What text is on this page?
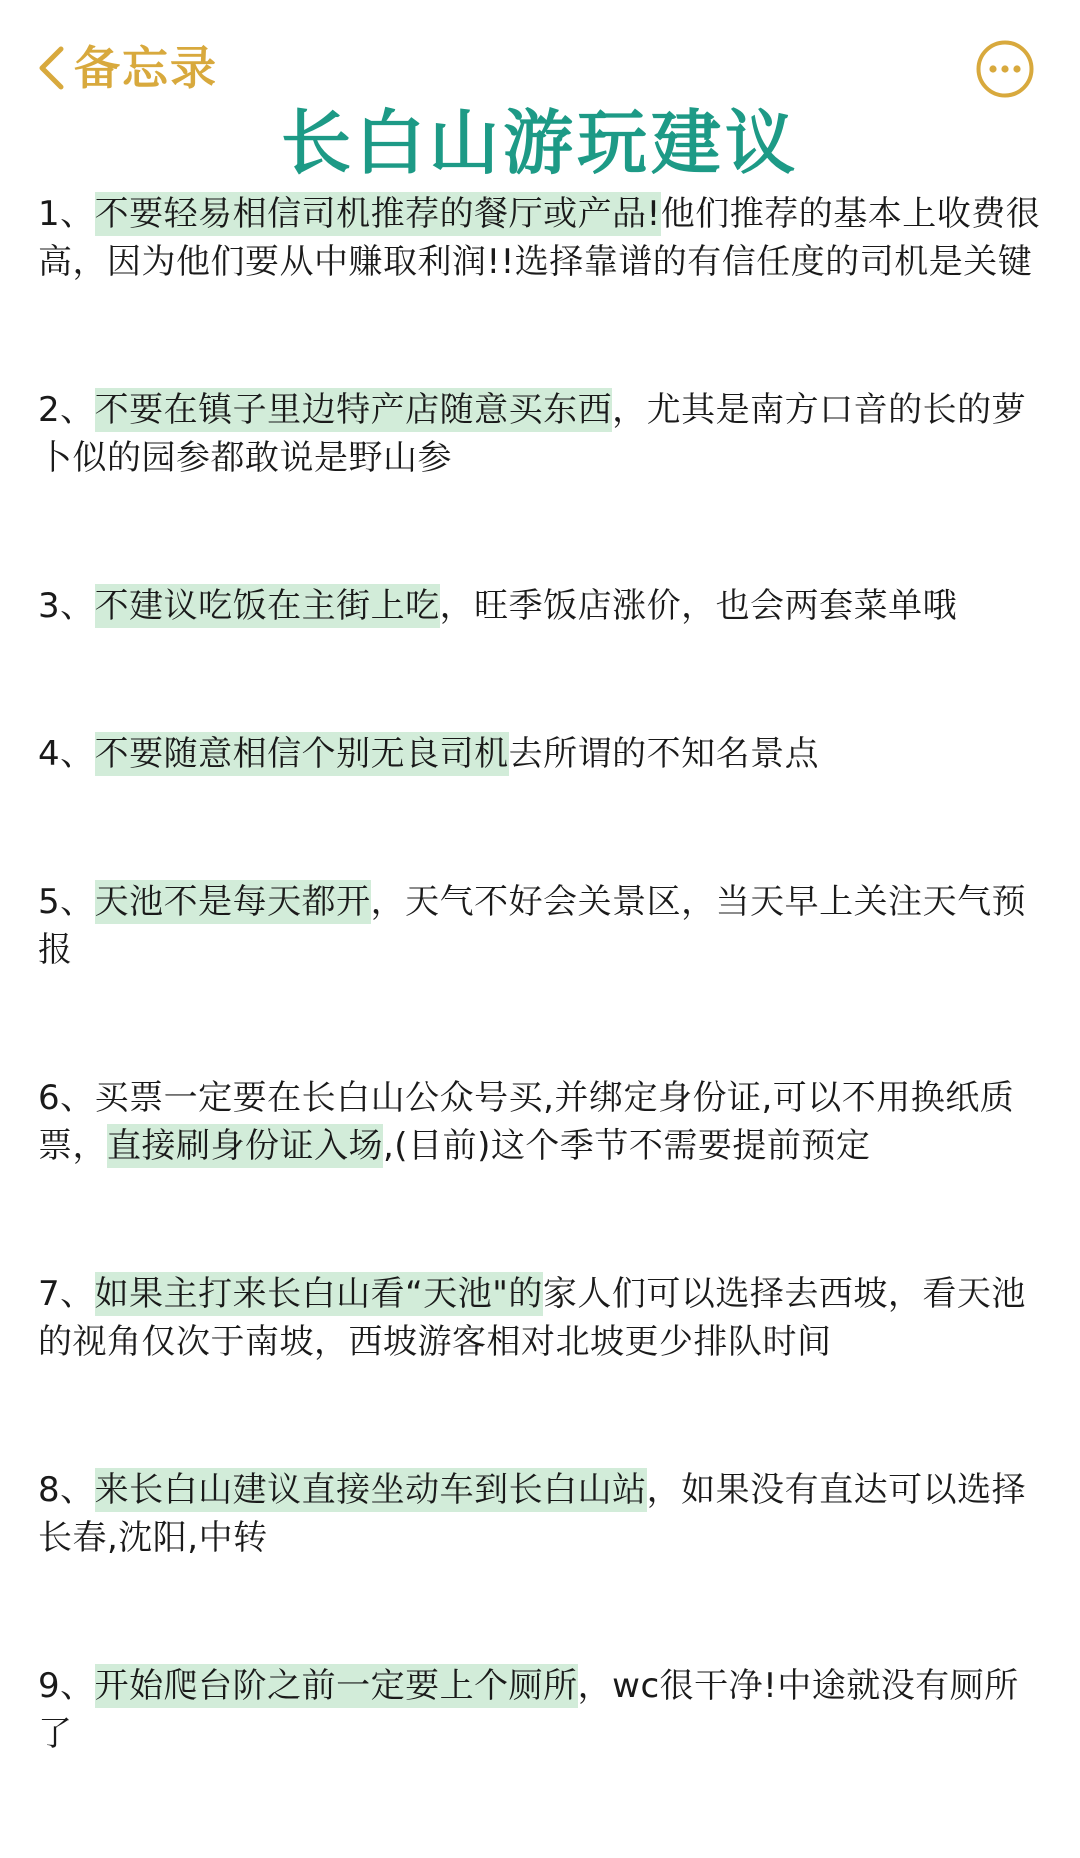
备忘录
长白山游玩建议

1、不要轻易相信司机推荐的餐厅或产品!他们推荐的基本上收费很高，因为他们要从中赚取利润!!选择靠谱的有信任度的司机是关键

2、不要在镇子里边特产店随意买东西，尤其是南方口音的长的萝卜似的园参都敢说是野山参

3、不建议吃饭在主街上吃，旺季饭店涨价，也会两套菜单哦

4、不要随意相信个别无良司机去所谓的不知名景点

5、天池不是每天都开，天气不好会关景区，当天早上关注天气预报

6、买票一定要在长白山公众号买,并绑定身份证,可以不用换纸质票，直接刷身份证入场,(目前)这个季节不需要提前预定

7、如果主打来长白山看“天池"的家人们可以选择去西坡，看天池的视角仅次于南坡，西坡游客相对北坡更少排队时间

8、来长白山建议直接坐动车到长白山站，如果没有直达可以选择长春,沈阳,中转

9、开始爬台阶之前一定要上个厕所，wc很干净!中途就没有厕所了
